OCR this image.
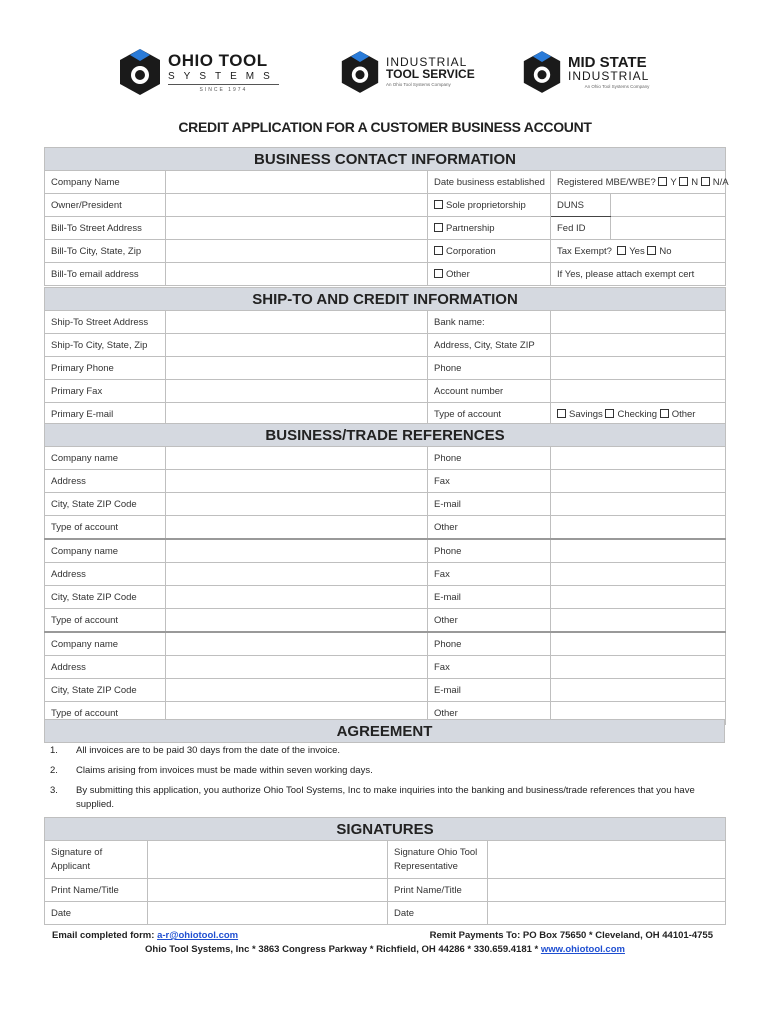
OHIO TOOL
SYSTEMS
SINCE 1974
INDUSTRIAL
TOOL SERVICE
An Ohio Tool Systems Company
MID STATE
INDUSTRIAL
An Ohio Tool Systems Company
CREDIT APPLICATION FOR A CUSTOMER BUSINESS ACCOUNT
BUSINESS CONTACT INFORMATION				
Company Name		Date business established	Registered MBE/WBE? Y N N/A	
Owner/President		Sole proprietorship	DUNS	
Bill-To Street Address		Partnership	Fed ID	
Bill-To City, State, Zip		Corporation	Tax Exempt? Yes No	
Bill-To email address		Other	If Yes, please attach exempt cert	
SHIP-TO AND CREDIT INFORMATION			
Ship-To Street Address		Bank name:	
Ship-To City, State, Zip		Address, City, State ZIP	
Primary Phone		Phone	
Primary Fax		Account number	
Primary E-mail		Type of account	Savings Checking Other
BUSINESS/TRADE REFERENCES			
Company name		Phone	
Address		Fax	
City, State ZIP Code		E-mail	
Type of account		Other	
Company name		Phone	
Address		Fax	
City, State ZIP Code		E-mail	
Type of account		Other	
Company name		Phone	
Address		Fax	
City, State ZIP Code		E-mail	
Type of account		Other	
AGREEMENT
1.	All invoices are to be paid 30 days from the date of the invoice.
2.	Claims arising from invoices must be made within seven working days.
3.	By submitting this application, you authorize Ohio Tool Systems, Inc to make inquiries into the banking and business/trade references that you have supplied.
SIGNATURES			
Signature of Applicant		Signature Ohio Tool Representative	
Print Name/Title		Print Name/Title	
Date		Date	
Email completed form: a-r@ohiotool.com	Remit Payments To: PO Box 75650 * Cleveland, OH 44101-4755
Ohio Tool Systems, Inc * 3863 Congress Parkway * Richfield, OH 44286 * 330.659.4181 * www.ohiotool.com
